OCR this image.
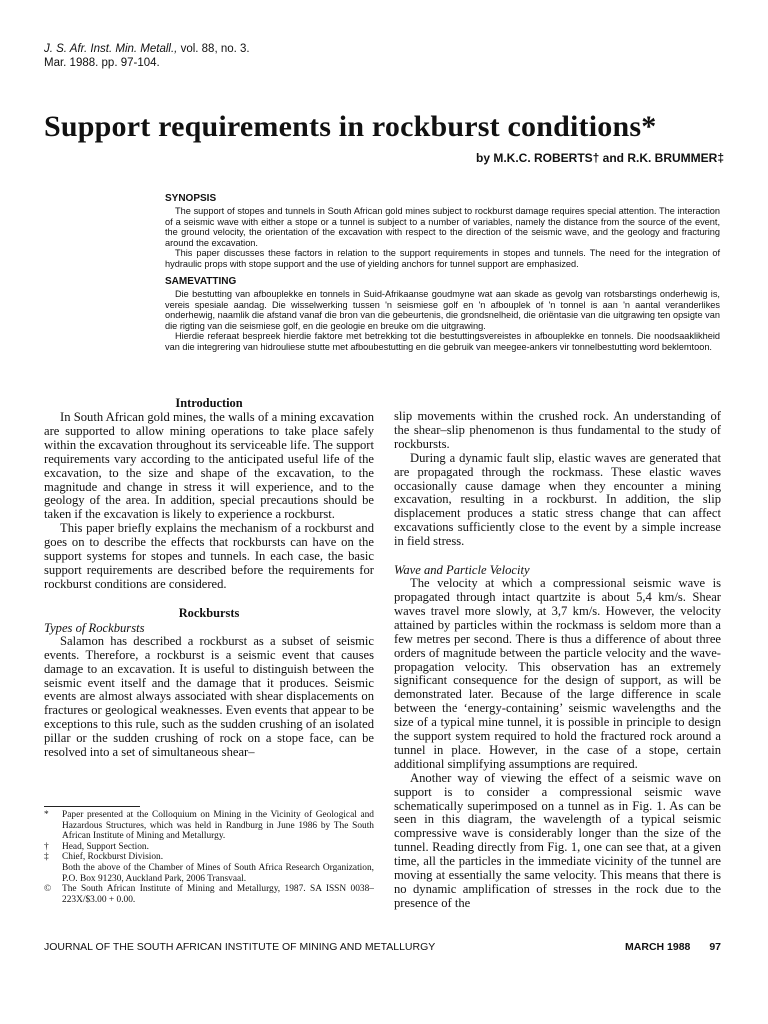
J. S. Afr. Inst. Min. Metall., vol. 88, no. 3.
Mar. 1988. pp. 97-104.
Support requirements in rockburst conditions*
by M.K.C. ROBERTS† and R.K. BRUMMER‡
SYNOPSIS

The support of stopes and tunnels in South African gold mines subject to rockburst damage requires special attention. The interaction of a seismic wave with either a stope or a tunnel is subject to a number of variables, namely the distance from the source of the event, the ground velocity, the orientation of the excavation with respect to the direction of the seismic wave, and the geology and fracturing around the excavation.

This paper discusses these factors in relation to the support requirements in stopes and tunnels. The need for the integration of hydraulic props with stope support and the use of yielding anchors for tunnel support are emphasized.

SAMEVATTING

Die bestutting van afbouplekke en tonnels in Suid-Afrikaanse goudmyne wat aan skade as gevolg van rotsbarstings onderhewig is, vereis spesiale aandag. Die wisselwerking tussen 'n seismiese golf en 'n afbouplek of 'n tonnel is aan 'n aantal veranderlikes onderhewig, naamlik die afstand vanaf die bron van die gebeurtenis, die grondsnelheid, die oriëntasie van die uitgrawing ten opsigte van die rigting van die seismiese golf, en die geologie en breuke om die uitgrawing.

Hierdie referaat bespreek hierdie faktore met betrekking tot die bestuttingsvereistes in afbouplekke en tonnels. Die noodsaaklikheid van die integrering van hidrouliese stutte met afboubestutting en die gebruik van meegee-ankers vir tonnelbestutting word beklemtoon.

Introduction

In South African gold mines, the walls of a mining excavation are supported to allow mining operations to take place safely within the excavation throughout its serviceable life. The support requirements vary according to the anticipated useful life of the excavation, to the size and shape of the excavation, to the magnitude and change in stress it will experience, and to the geology of the area. In addition, special precautions should be taken if the excavation is likely to experience a rockburst.

This paper briefly explains the mechanism of a rockburst and goes on to describe the effects that rockbursts can have on the support systems for stopes and tunnels. In each case, the basic support requirements are described before the requirements for rockburst conditions are considered.

Rockbursts
Types of Rockbursts

Salamon has described a rockburst as a subset of seismic events. Therefore, a rockburst is a seismic event that causes damage to an excavation. It is useful to distinguish between the seismic event itself and the damage that it produces. Seismic events are almost always associated with shear displacements on fractures or geological weaknesses. Even events that appear to be exceptions to this rule, such as the sudden crushing of an isolated pillar or the sudden crushing of rock on a stope face, can be resolved into a set of simultaneous shear–

slip movements within the crushed rock. An understanding of the shear–slip phenomenon is thus fundamental to the study of rockbursts.

During a dynamic fault slip, elastic waves are generated that are propagated through the rockmass. These elastic waves occasionally cause damage when they encounter a mining excavation, resulting in a rockburst. In addition, the slip displacement produces a static stress change that can affect excavations sufficiently close to the event by a simple increase in field stress.

Wave and Particle Velocity

The velocity at which a compressional seismic wave is propagated through intact quartzite is about 5,4 km/s. Shear waves travel more slowly, at 3,7 km/s. However, the velocity attained by particles within the rockmass is seldom more than a few metres per second. There is thus a difference of about three orders of magnitude between the particle velocity and the wave-propagation velocity. This observation has an extremely significant consequence for the design of support, as will be demonstrated later. Because of the large difference in scale between the ‘energy-containing’ seismic wavelengths and the size of a typical mine tunnel, it is possible in principle to design the support system required to hold the fractured rock around a tunnel in place. However, in the case of a stope, certain additional simplifying assumptions are required.

Another way of viewing the effect of a seismic wave on support is to consider a compressional seismic wave schematically superimposed on a tunnel as in Fig. 1. As can be seen in this diagram, the wavelength of a typical seismic compressive wave is considerably longer than the size of the tunnel. Reading directly from Fig. 1, one can see that, at a given time, all the particles in the immediate vicinity of the tunnel are moving at essentially the same velocity. This means that there is no dynamic amplification of stresses in the rock due to the presence of the

*	Paper presented at the Colloquium on Mining in the Vicinity of Geological and Hazardous Structures, which was held in Randburg in June 1986 by The South African Institute of Mining and Metallurgy.
†	Head, Support Section.
‡	Chief, Rockburst Division.
Both the above of the Chamber of Mines of South Africa Research Organization, P.O. Box 91230, Auckland Park, 2006 Transvaal.
©	The South African Institute of Mining and Metallurgy, 1987. SA ISSN 0038–223X/$3.00 + 0.00.
JOURNAL OF THE SOUTH AFRICAN INSTITUTE OF MINING AND METALLURGY	MARCH 1988 97
